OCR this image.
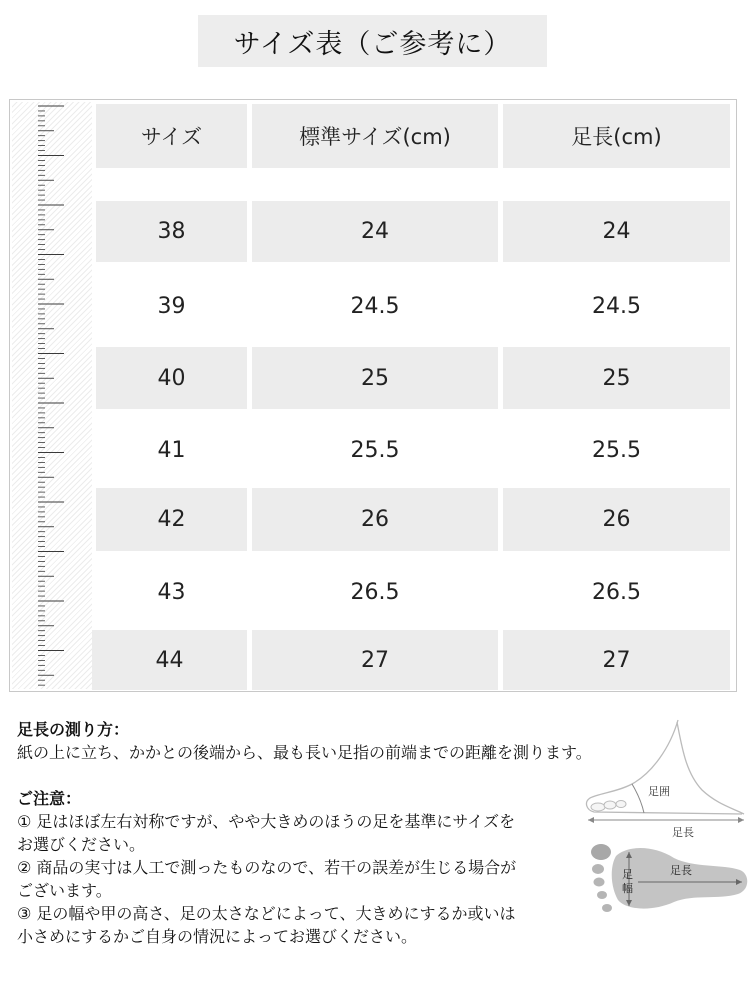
サイズ表（ご参考に）
サイズ	標準サイズ(cm)	足長(cm)
38	24	24
39	24.5	24.5
40	25	25
41	25.5	25.5
42	26	26
43	26.5	26.5
44	27	27
足長の測り方：
紙の上に立ち、かかとの後端から、最も長い足指の前端までの距離を測ります。
ご注意：
① 足はほぼ左右対称ですが、やや大きめのほうの足を基準にサイズを
お選びください。
② 商品の実寸は人工で測ったものなので、若干の誤差が生じる場合が
ございます。
③ 足の幅や甲の高さ、足の太さなどによって、大きめにするか或いは
小さめにするかご自身の情況によってお選びください。
足囲
足長
足
幅
足長
